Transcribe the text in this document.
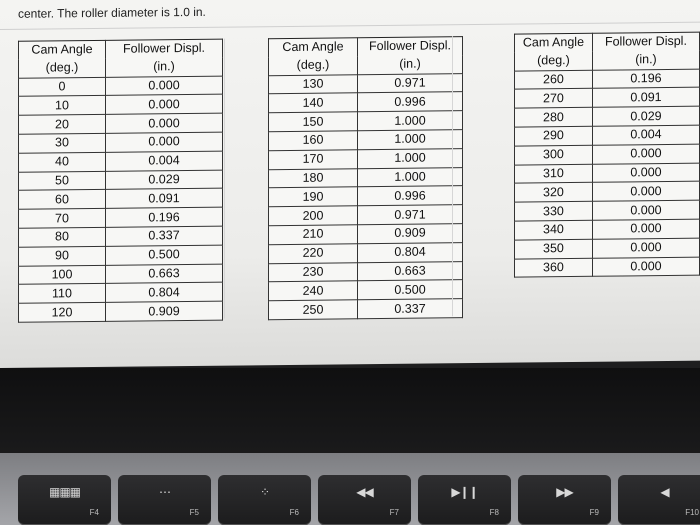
center. The roller diameter is 1.0 in.
Cam Angle	Follower Displ.
(deg.)	(in.)
0	0.000
10	0.000
20	0.000
30	0.000
40	0.004
50	0.029
60	0.091
70	0.196
80	0.337
90	0.500
100	0.663
110	0.804
120	0.909
Cam Angle	Follower Displ.
(deg.)	(in.)
130	0.971
140	0.996
150	1.000
160	1.000
170	1.000
180	1.000
190	0.996
200	0.971
210	0.909
220	0.804
230	0.663
240	0.500
250	0.337
Cam Angle	Follower Displ.
(deg.)	(in.)
260	0.196
270	0.091
280	0.029
290	0.004
300	0.000
310	0.000
320	0.000
330	0.000
340	0.000
350	0.000
360	0.000
▦▦▦
F4
⋯
F5
⁘
F6
◀◀
F7
▶❙❙
F8
▶▶
F9
◀
F10
